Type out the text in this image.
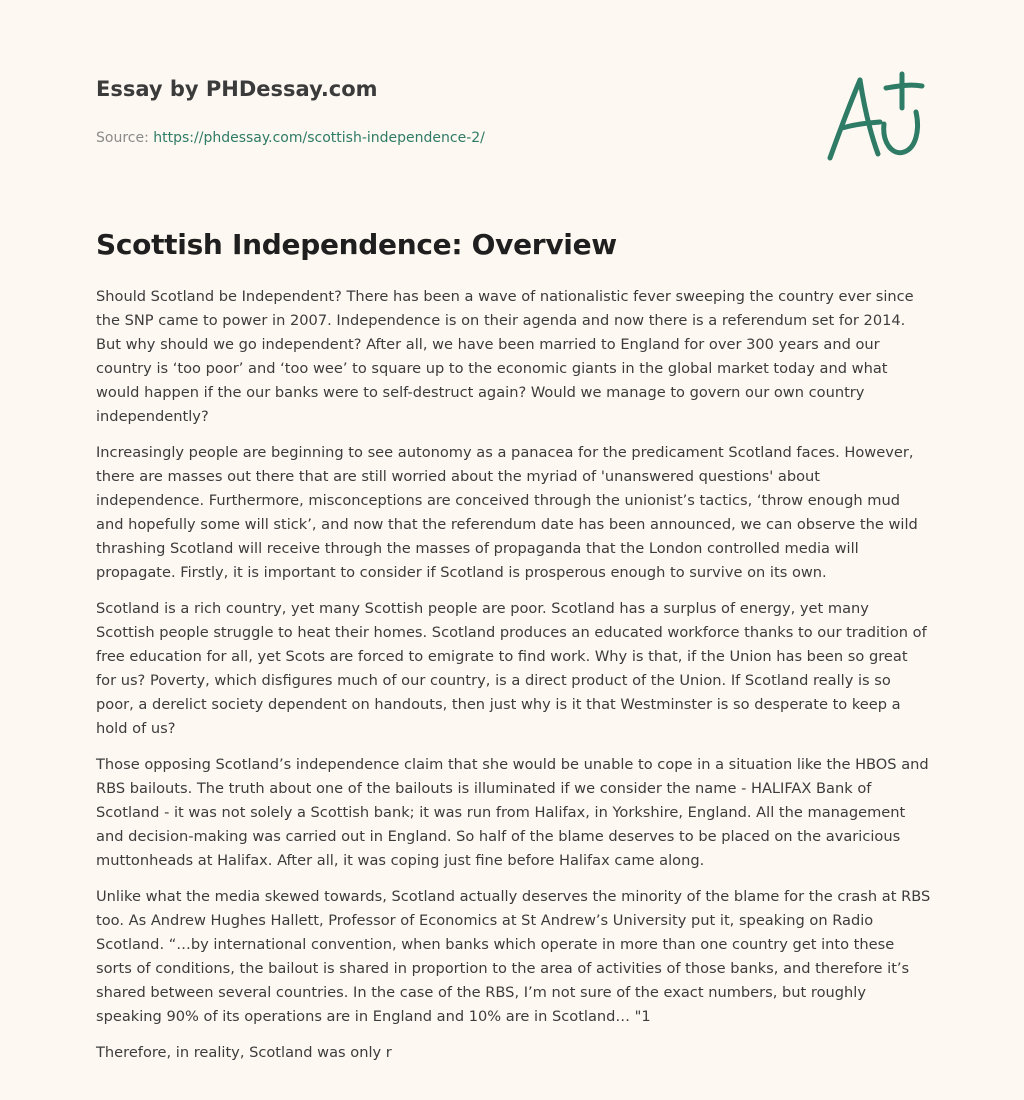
Essay by PHDessay.com
Source: https://phdessay.com/scottish-independence-2/
Scottish Independence: Overview

Should Scotland be Independent? There has been a wave of nationalistic fever sweeping the country ever since the SNP came to power in 2007. Independence is on their agenda and now there is a referendum set for 2014. But why should we go independent? After all, we have been married to England for over 300 years and our country is ‘too poor’ and ‘too wee’ to square up to the economic giants in the global market today and what would happen if the our banks were to self-destruct again? Would we manage to govern our own country independently?

Increasingly people are beginning to see autonomy as a panacea for the predicament Scotland faces. However, there are masses out there that are still worried about the myriad of 'unanswered questions' about independence. Furthermore, misconceptions are conceived through the unionist’s tactics, ‘throw enough mud and hopefully some will stick’, and now that the referendum date has been announced, we can observe the wild thrashing Scotland will receive through the masses of propaganda that the London controlled media will propagate. Firstly, it is important to consider if Scotland is prosperous enough to survive on its own.

Scotland is a rich country, yet many Scottish people are poor. Scotland has a surplus of energy, yet many Scottish people struggle to heat their homes. Scotland produces an educated workforce thanks to our tradition of free education for all, yet Scots are forced to emigrate to find work. Why is that, if the Union has been so great for us? Poverty, which disfigures much of our country, is a direct product of the Union. If Scotland really is so poor, a derelict society dependent on handouts, then just why is it that Westminster is so desperate to keep a hold of us?

Those opposing Scotland’s independence claim that she would be unable to cope in a situation like the HBOS and RBS bailouts. The truth about one of the bailouts is illuminated if we consider the name - HALIFAX Bank of Scotland - it was not solely a Scottish bank; it was run from Halifax, in Yorkshire, England. All the management and decision-making was carried out in England. So half of the blame deserves to be placed on the avaricious muttonheads at Halifax. After all, it was coping just fine before Halifax came along.

Unlike what the media skewed towards, Scotland actually deserves the minority of the blame for the crash at RBS too. As Andrew Hughes Hallett, Professor of Economics at St Andrew’s University put it, speaking on Radio Scotland. “…by international convention, when banks which operate in more than one country get into these sorts of conditions, the bailout is shared in proportion to the area of activities of those banks, and therefore it’s shared between several countries. In the case of the RBS, I’m not sure of the exact numbers, but roughly speaking 90% of its operations are in England and 10% are in Scotland… "1

Therefore, in reality, Scotland was only r
